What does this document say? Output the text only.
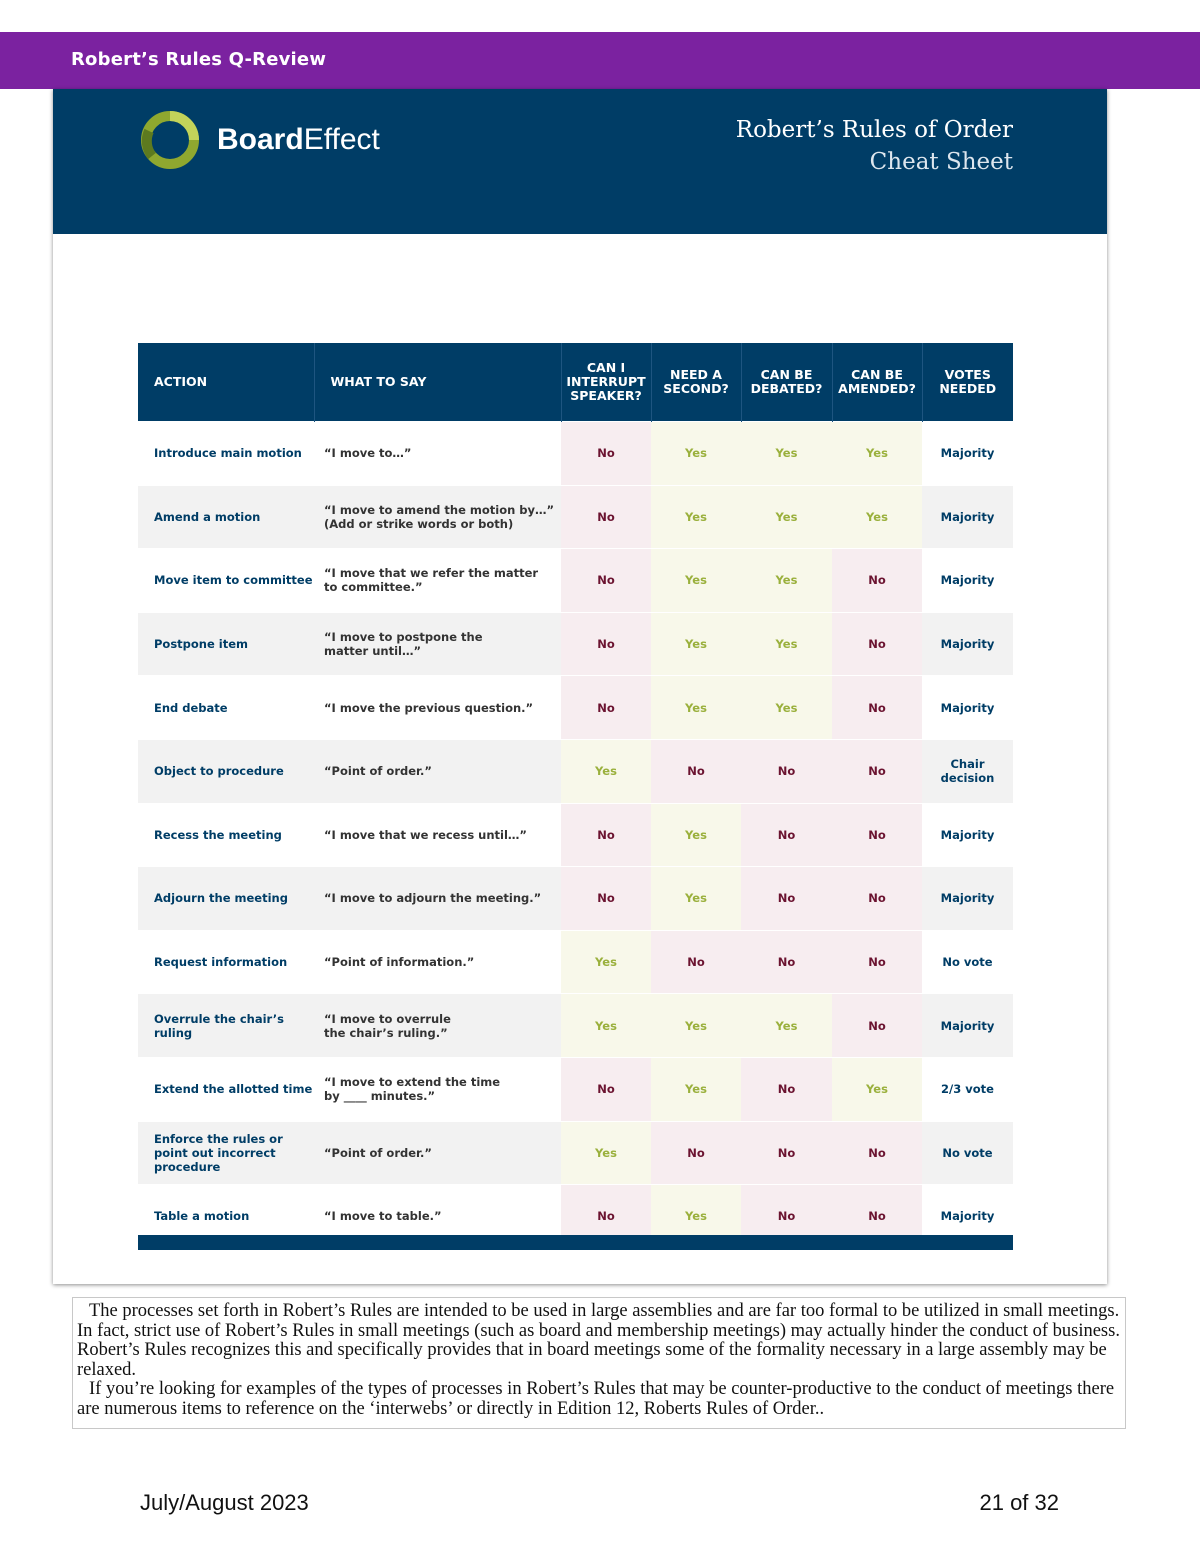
Robert’s Rules Q-Review
BoardEffect	Robert’s Rules of Order
Cheat Sheet
ACTION	WHAT TO SAY	CAN I INTERRUPT SPEAKER?	NEED A SECOND?	CAN BE DEBATED?	CAN BE AMENDED?	VOTES NEEDED
Introduce main motion	“I move to…”	No	Yes	Yes	Yes	Majority
Amend a motion	“I move to amend the motion by…”
(Add or strike words or both)	No	Yes	Yes	Yes	Majority
Move item to committee	“I move that we refer the matter
to committee.”	No	Yes	Yes	No	Majority
Postpone item	“I move to postpone the
matter until…”	No	Yes	Yes	No	Majority
End debate	“I move the previous question.”	No	Yes	Yes	No	Majority
Object to procedure	“Point of order.”	Yes	No	No	No	Chair decision
Recess the meeting	“I move that we recess until…”	No	Yes	No	No	Majority
Adjourn the meeting	“I move to adjourn the meeting.”	No	Yes	No	No	Majority
Request information	“Point of information.”	Yes	No	No	No	No vote
Overrule the chair’s ruling	“I move to overrule
the chair’s ruling.”	Yes	Yes	Yes	No	Majority
Extend the allotted time	“I move to extend the time
by ____ minutes.”	No	Yes	No	Yes	2/3 vote
Enforce the rules or point out incorrect procedure	“Point of order.”	Yes	No	No	No	No vote
Table a motion	“I move to table.”	No	Yes	No	No	Majority

The processes set forth in Robert’s Rules are intended to be used in large assemblies and are far too formal to be utilized in small meetings. In fact, strict use of Robert’s Rules in small meetings (such as board and membership meetings) may actually hinder the conduct of business. Robert’s Rules recognizes this and specifically provides that in board meetings some of the formality necessary in a large assembly may be relaxed.

If you’re looking for examples of the types of processes in Robert’s Rules that may be counter-productive to the conduct of meetings there are numerous items to reference on the ‘interwebs’ or directly in Edition 12, Roberts Rules of Order..

July/August 2023	21 of 32
